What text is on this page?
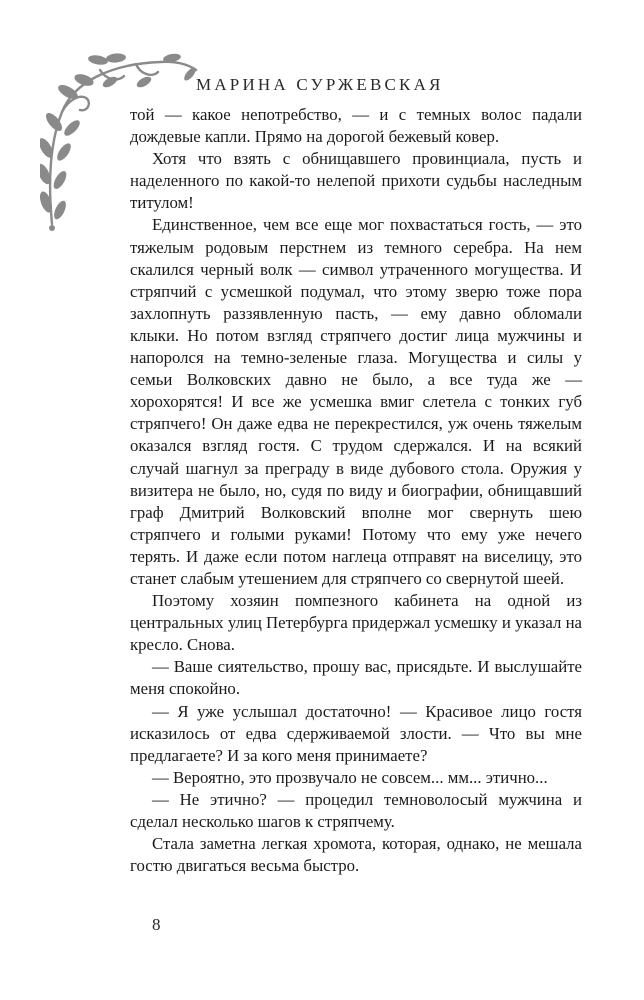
МАРИНА СУРЖЕВСКАЯ

той — какое непотребство, — и с темных волос падали дождевые капли. Прямо на дорогой бежевый ковер.

Хотя что взять с обнищавшего провинциала, пусть и наделенного по какой-то нелепой прихоти судьбы наследным титулом!

Единственное, чем все еще мог похвастаться гость, — это тяжелым родовым перстнем из темного серебра. На нем скалился черный волк — символ утраченного могущества. И стряпчий с усмешкой подумал, что этому зверю тоже пора захлопнуть раззявленную пасть, — ему давно обломали клыки. Но потом взгляд стряпчего достиг лица мужчины и напоролся на темно-зеленые глаза. Могущества и силы у семьи Волковских давно не было, а все туда же — хорохорятся! И все же усмешка вмиг слетела с тонких губ стряпчего! Он даже едва не перекрестился, уж очень тяжелым оказался взгляд гостя. С трудом сдержался. И на всякий случай шагнул за преграду в виде дубового стола. Оружия у визитера не было, но, судя по виду и биографии, обнищавший граф Дмитрий Волковский вполне мог свернуть шею стряпчего и голыми руками! Потому что ему уже нечего терять. И даже если потом наглеца отправят на виселицу, это станет слабым утешением для стряпчего со свернутой шеей.

Поэтому хозяин помпезного кабинета на одной из центральных улиц Петербурга придержал усмешку и указал на кресло. Снова.

— Ваше сиятельство, прошу вас, присядьте. И выслушайте меня спокойно.

— Я уже услышал достаточно! — Красивое лицо гостя исказилось от едва сдерживаемой злости. — Что вы мне предлагаете? И за кого меня принимаете?

— Вероятно, это прозвучало не совсем... мм... этично...

— Не этично? — процедил темноволосый мужчина и сделал несколько шагов к стряпчему.

Стала заметна легкая хромота, которая, однако, не мешала гостю двигаться весьма быстро.

8
